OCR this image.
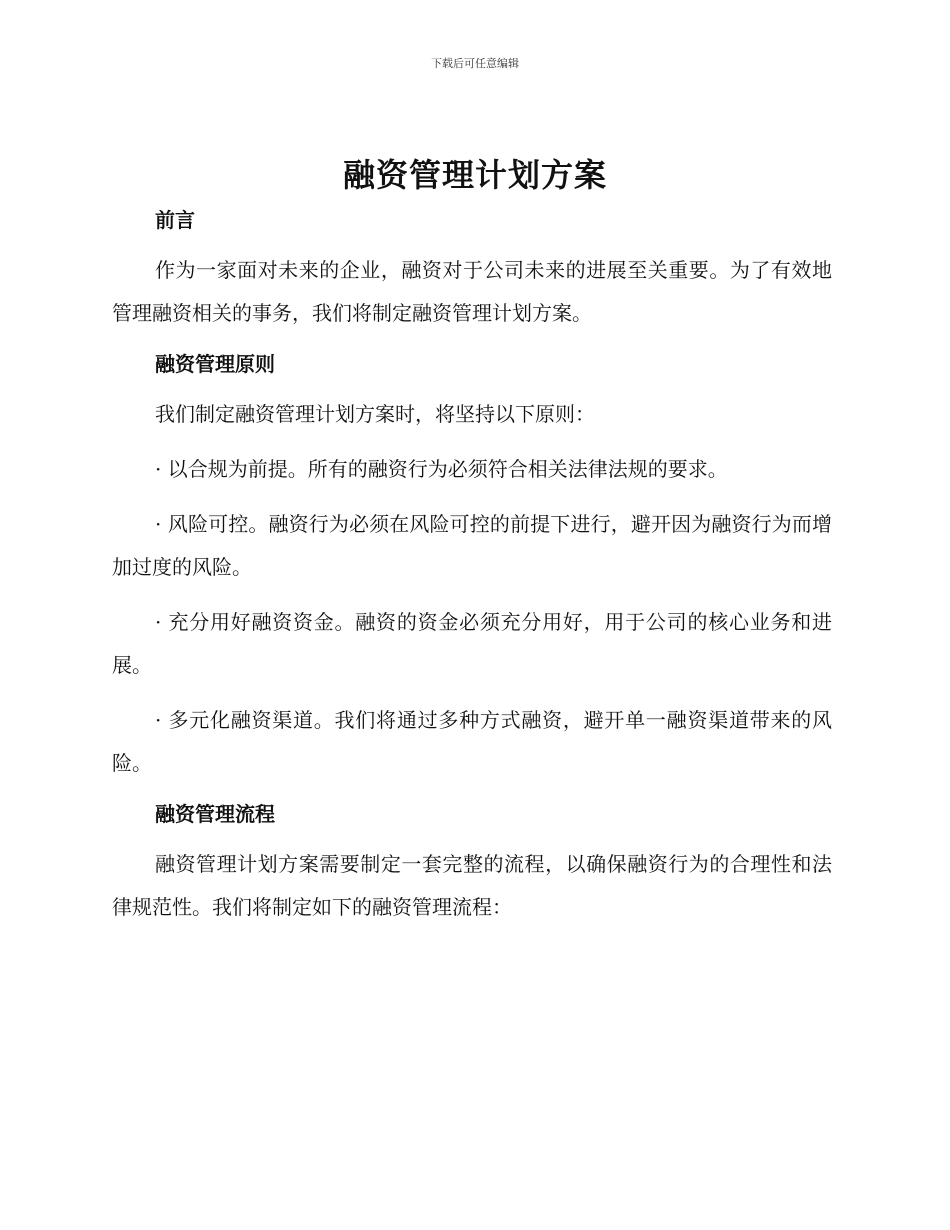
下载后可任意编辑
融资管理计划方案
前言

作为一家面对未来的企业，融资对于公司未来的进展至关重要。为了有效地管理融资相关的事务，我们将制定融资管理计划方案。

融资管理原则

我们制定融资管理计划方案时，将坚持以下原则：

· 以合规为前提。所有的融资行为必须符合相关法律法规的要求。

· 风险可控。融资行为必须在风险可控的前提下进行，避开因为融资行为而增加过度的风险。

· 充分用好融资资金。融资的资金必须充分用好，用于公司的核心业务和进展。

· 多元化融资渠道。我们将通过多种方式融资，避开单一融资渠道带来的风险。

融资管理流程

融资管理计划方案需要制定一套完整的流程，以确保融资行为的合理性和法律规范性。我们将制定如下的融资管理流程：
